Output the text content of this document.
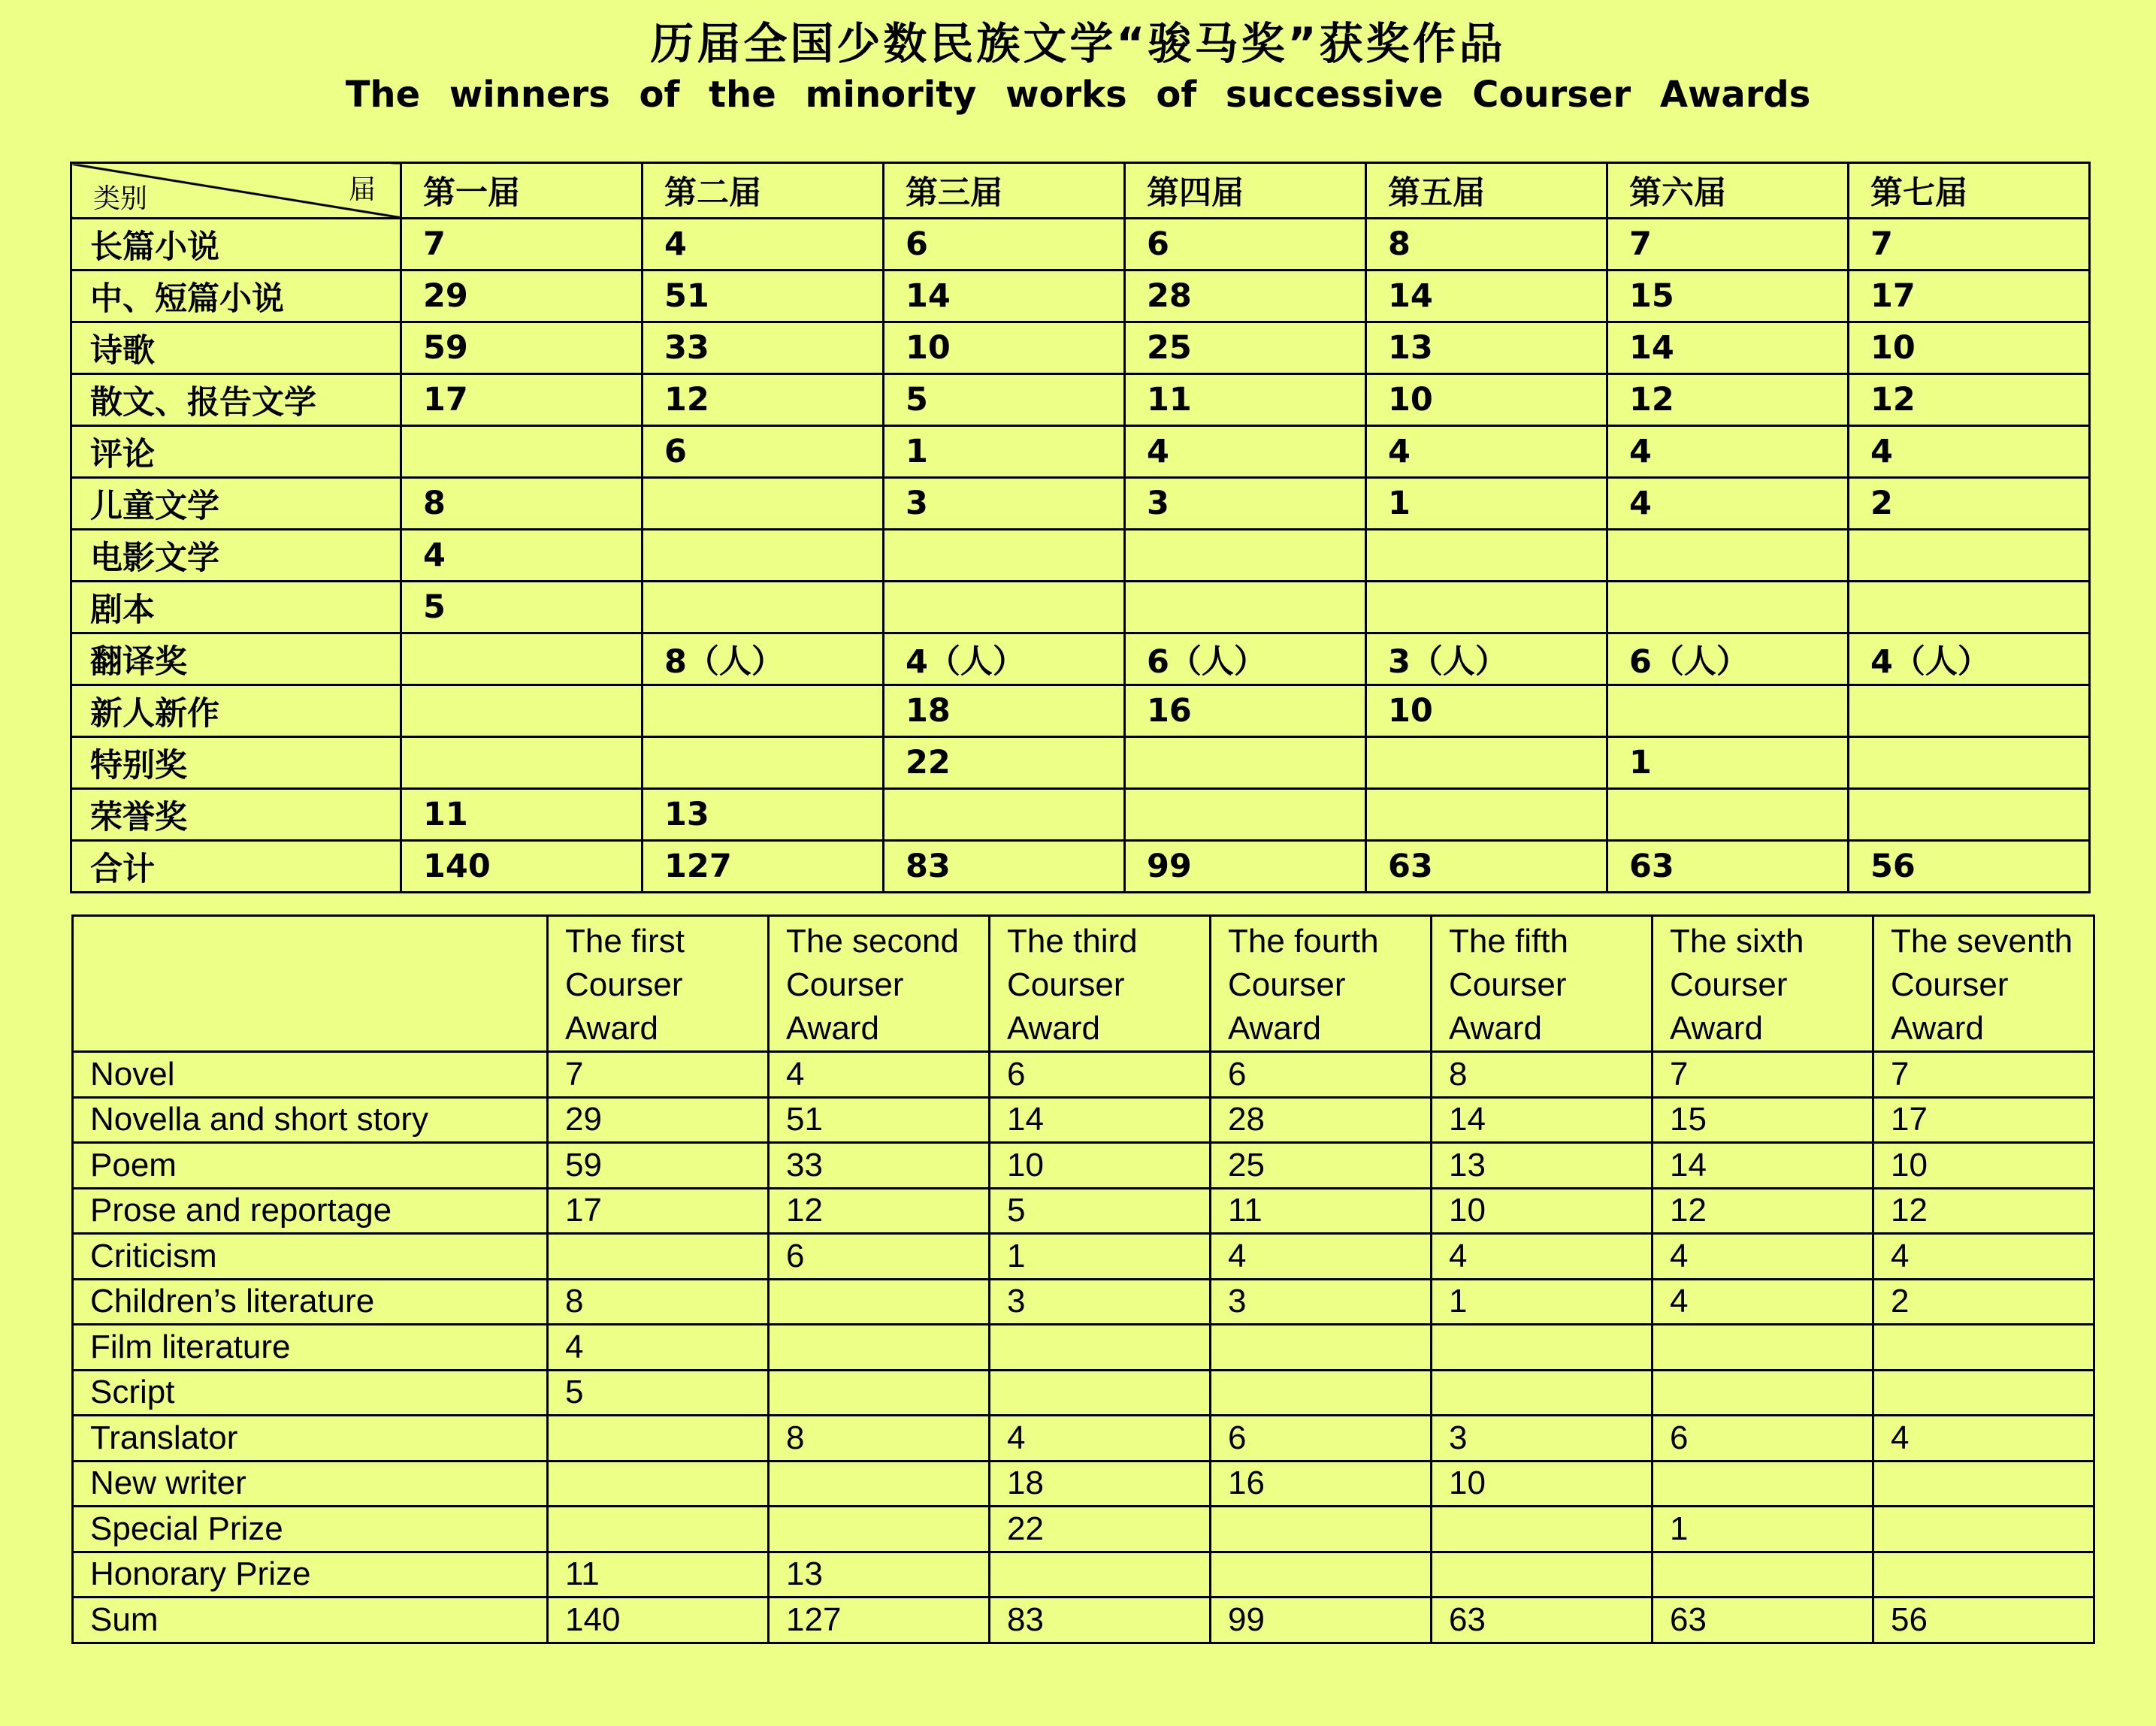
历届全国少数民族文学“骏马奖”获奖作品
The winners of the minority works of successive Courser Awards
类别 届	第一届	第二届	第三届	第四届	第五届	第六届	第七届
长篇小说	7	4	6	6	8	7	7
中、短篇小说	29	51	14	28	14	15	17
诗歌	59	33	10	25	13	14	10
散文、报告文学	17	12	5	11	10	12	12
评论		6	1	4	4	4	4
儿童文学	8		3	3	1	4	2
电影文学	4						
剧本	5						
翻译奖		8（人）	4（人）	6（人）	3（人）	6（人）	4（人）
新人新作			18	16	10		
特别奖			22			1	
荣誉奖	11	13					
合计	140	127	83	99	63	63	56
	The first Courser Award	The second Courser Award	The third Courser Award	The fourth Courser Award	The fifth Courser Award	The sixth Courser Award	The seventh Courser Award
Novel	7	4	6	6	8	7	7
Novella and short story	29	51	14	28	14	15	17
Poem	59	33	10	25	13	14	10
Prose and reportage	17	12	5	11	10	12	12
Criticism		6	1	4	4	4	4
Children’s literature	8		3	3	1	4	2
Film literature	4						
Script	5						
Translator		8	4	6	3	6	4
New writer			18	16	10		
Special Prize			22			1	
Honorary Prize	11	13					
Sum	140	127	83	99	63	63	56
